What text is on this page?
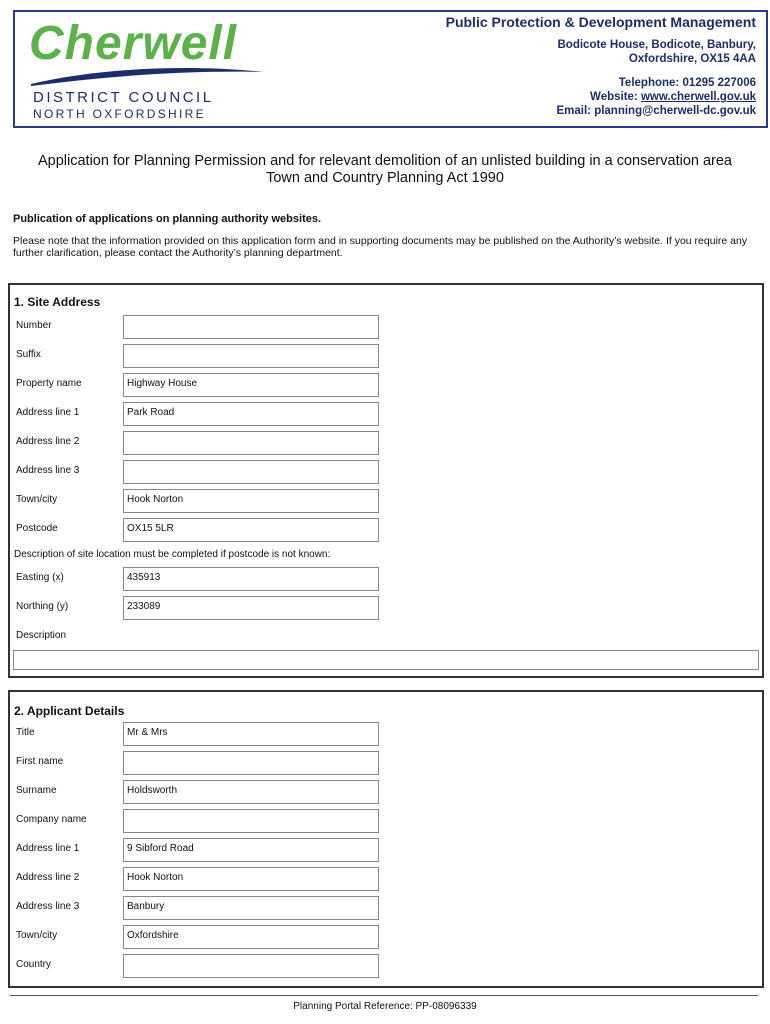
Cherwell
DISTRICT COUNCIL
NORTH OXFORDSHIRE
Public Protection & Development Management
Bodicote House, Bodicote, Banbury,
Oxfordshire, OX15 4AA
Telephone: 01295 227006
Website: www.cherwell.gov.uk
Email: planning@cherwell-dc.gov.uk
Application for Planning Permission and for relevant demolition of an unlisted building in a conservation area
Town and Country Planning Act 1990
Publication of applications on planning authority websites.
Please note that the information provided on this application form and in supporting documents may be published on the Authority’s website. If you require any further clarification, please contact the Authority’s planning department.
1. Site Address
Number
Suffix
Property name	Highway House
Address line 1	Park Road
Address line 2
Address line 3
Town/city	Hook Norton
Postcode	OX15 5LR
Description of site location must be completed if postcode is not known:
Easting (x)	435913
Northing (y)	233089
Description
2. Applicant Details
Title	Mr & Mrs
First name
Surname	Holdsworth
Company name
Address line 1	9 Sibford Road
Address line 2	Hook Norton
Address line 3	Banbury
Town/city	Oxfordshire
Country
Planning Portal Reference: PP-08096339
